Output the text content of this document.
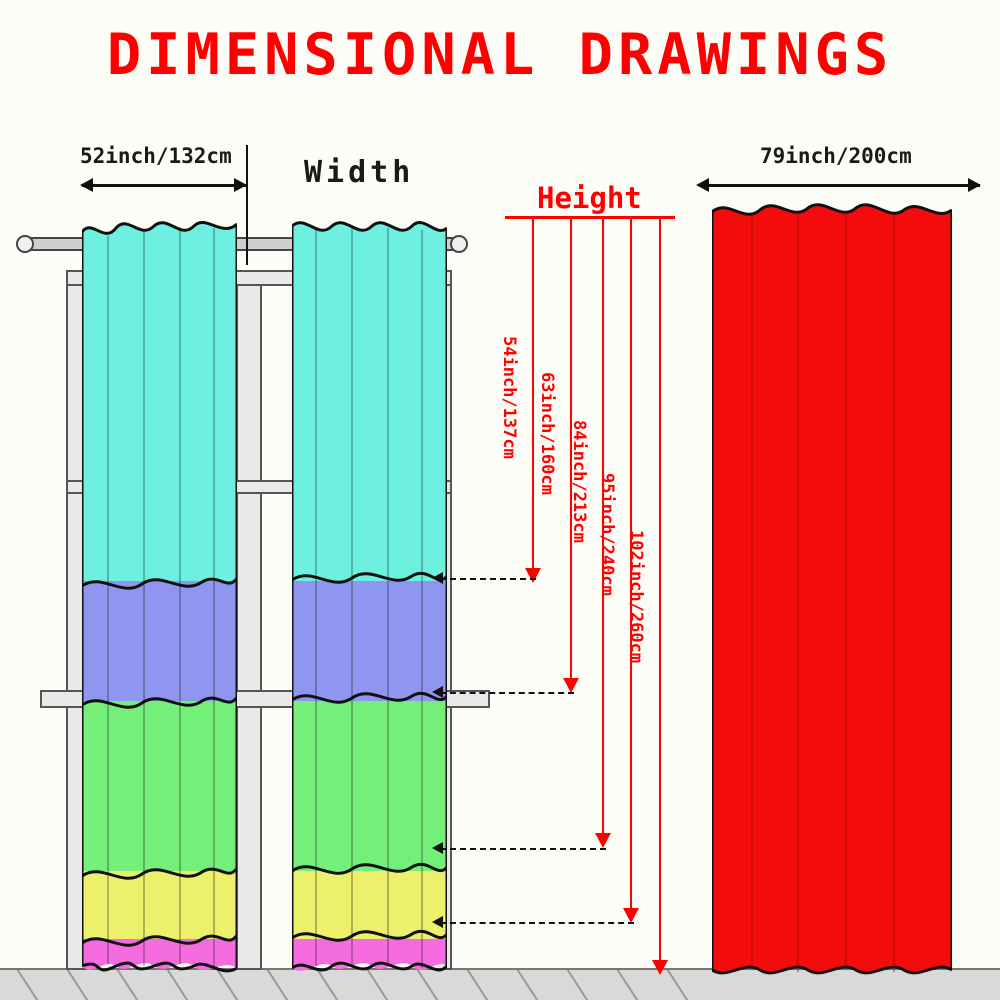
DIMENSIONAL DRAWINGS
Width
52inch/132cm	79inch/200cm
Height
54inch/137cm 63inch/160cm 84inch/213cm 95inch/240cm 102inch/260cm
